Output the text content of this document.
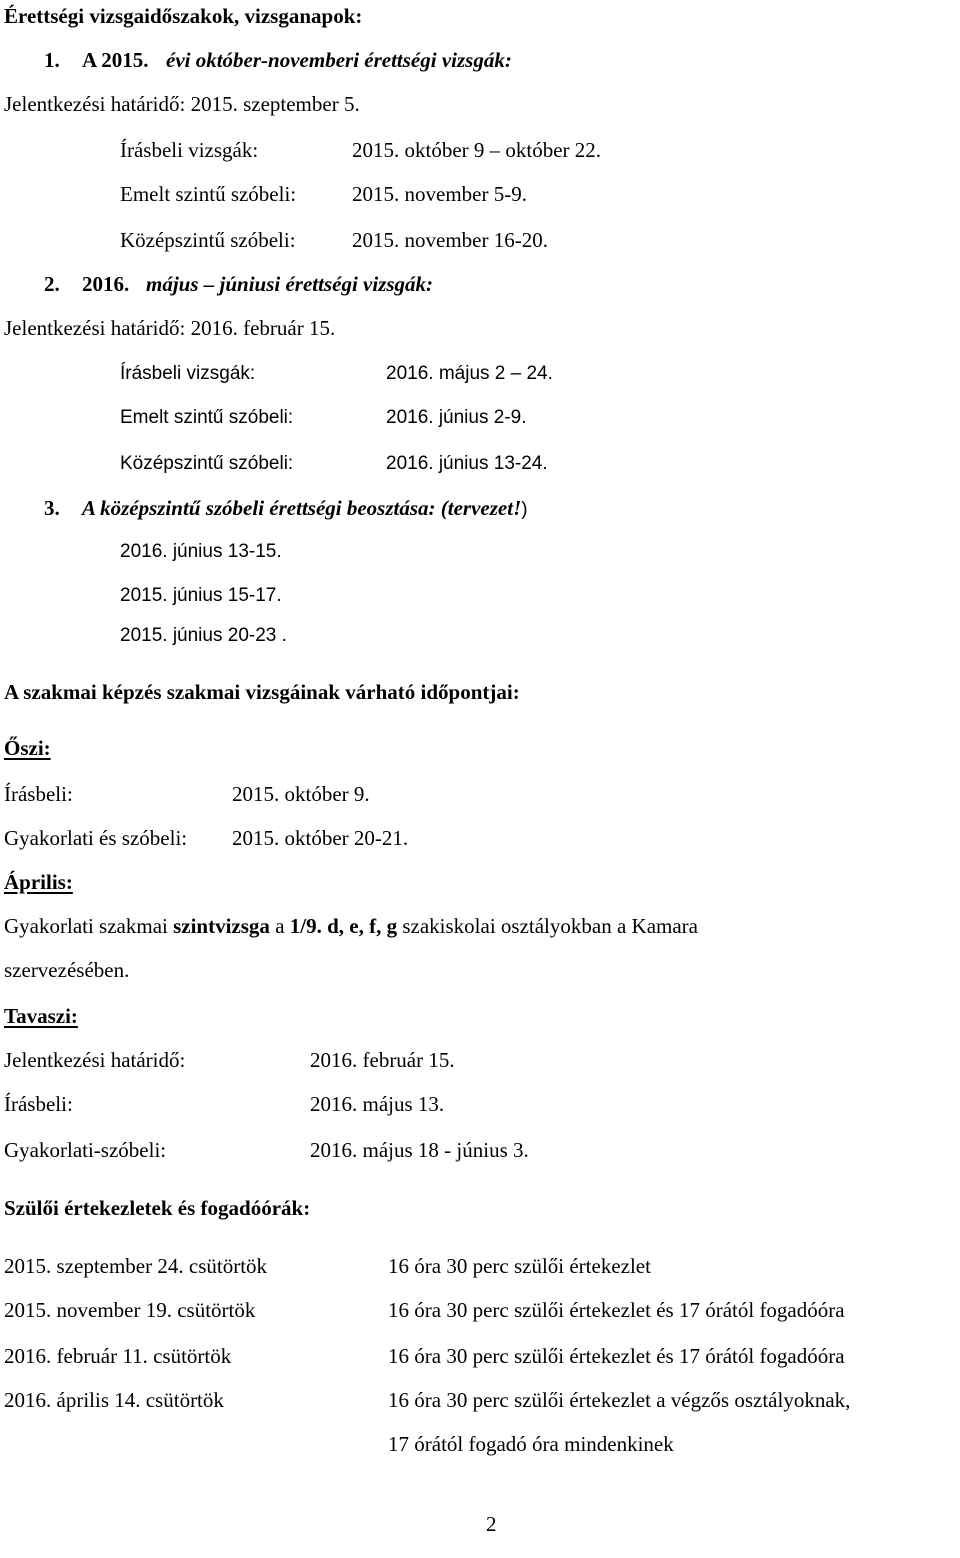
Érettségi vizsgaidőszakok, vizsganapok:
1. A 2015. évi október-novemberi érettségi vizsgák:
Jelentkezési határidő: 2015. szeptember 5.
Írásbeli vizsgák:	2015. október 9 – október 22.
Emelt szintű szóbeli:	2015. november 5-9.
Középszintű szóbeli:	2015. november 16-20.
2. 2016. május – júniusi érettségi vizsgák:
Jelentkezési határidő: 2016. február 15.
Írásbeli vizsgák:	2016. május 2 – 24.
Emelt szintű szóbeli:	2016. június 2-9.
Középszintű szóbeli:	2016. június 13-24.
3. A középszintű szóbeli érettségi beosztása: (tervezet!)
2016. június 13-15.
2015. június 15-17.
2015. június 20-23 .
A szakmai képzés szakmai vizsgáinak várható időpontjai:
Őszi:
Írásbeli:	2015. október 9.
Gyakorlati és szóbeli: 2015. október 20-21.
Április:
Gyakorlati szakmai szintvizsga a 1/9. d, e, f, g szakiskolai osztályokban a Kamara
szervezésében.
Tavaszi:
Jelentkezési határidő:	2016. február 15.
Írásbeli:	2016. május 13.
Gyakorlati-szóbeli:	2016. május 18 - június 3.
Szülői értekezletek és fogadóórák:
2015. szeptember 24. csütörtök	16 óra 30 perc szülői értekezlet
2015. november 19. csütörtök	16 óra 30 perc szülői értekezlet és 17 órától fogadóóra
2016. február 11. csütörtök	16 óra 30 perc szülői értekezlet és 17 órától fogadóóra
2016. április 14. csütörtök	16 óra 30 perc szülői értekezlet a végzős osztályoknak,
17 órától fogadó óra mindenkinek
2
